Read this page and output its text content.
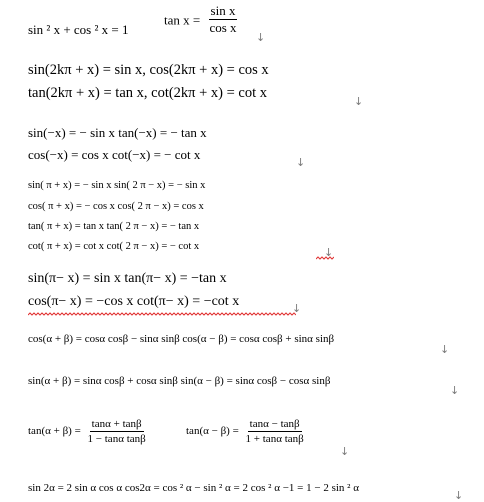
sin ² x + cos ² x = 1
$\tan x = \frac{\text{sin x}}{\text{cos x}}$
↓
sin(2kπ + x) = sin x, cos(2kπ + x) = cos x
tan(2kπ + x) = tan x, cot(2kπ + x) = cot x
↓
sin(−x) = − sin x tan(−x) = − tan x
cos(−x) = cos x cot(−x) = − cot x
↓
sin( π + x) = − sin x sin( 2 π − x) = − sin x
cos( π + x) = − cos x cos( 2 π − x) = cos x
tan( π + x) = tan x tan( 2 π − x) = − tan x
cot( π + x) = cot x cot( 2 π − x) = − cot x	↓
sin(π− x) = sin x tan(π− x) = −tan x
cos(π− x) = −cos x cot(π− x) = −cot x	↓
cos(α + β) = cosα cosβ − sinα sinβ cos(α − β) = cosα cosβ + sinα sinβ
↓
sin(α + β) = sinα cosβ + cosα sinβ sin(α − β) = sinα cosβ − cosα sinβ
↓
$\tan(\alpha + \beta) = \frac{\tan\alpha + \tan\beta}{\text{1 − tanα tanβ}}$	$\tan(\alpha - \beta) = \frac{\tan\alpha - \tan\beta}{\text{1 + tanα tanβ}}$
↓
sin 2α = 2 sin α cos α cos2α = cos ² α − sin ² α = 2 cos ² α −1 = 1 − 2 sin ² α
↓
